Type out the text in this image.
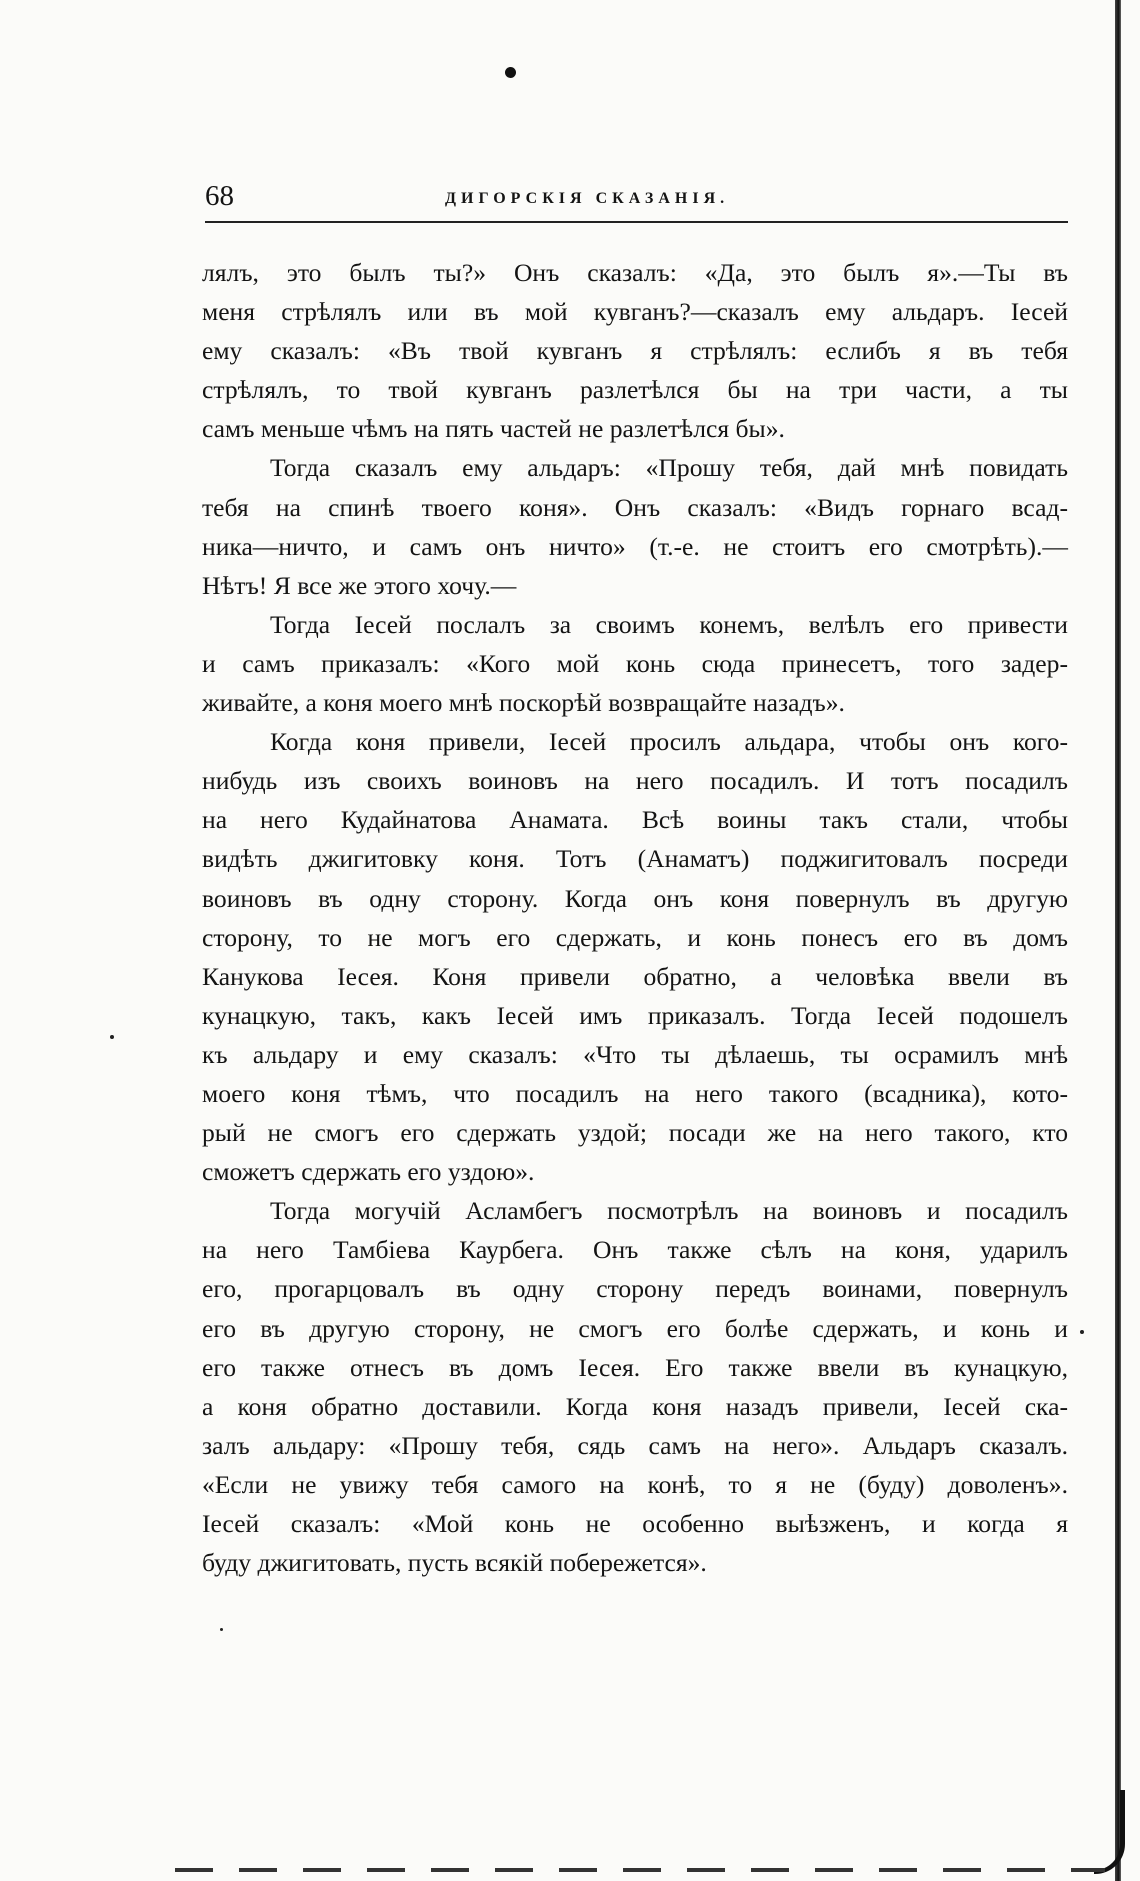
68	ДИГОРСКІЯ СКАЗАНІЯ.
лялъ, это былъ ты?» Онъ сказалъ: «Да, это былъ я».—Ты въ
меня стрѣлялъ или въ мой кувганъ?—сказалъ ему альдаръ. Іесей
ему сказалъ: «Въ твой кувганъ я стрѣлялъ: еслибъ я въ тебя
стрѣлялъ, то твой кувганъ разлетѣлся бы на три части, а ты
самъ меньше чѣмъ на пять частей не разлетѣлся бы».
Тогда сказалъ ему альдаръ: «Прошу тебя, дай мнѣ повидать
тебя на спинѣ твоего коня». Онъ сказалъ: «Видъ горнаго всад-
ника—ничто, и самъ онъ ничто» (т.-е. не стоитъ его смотрѣть).—
Нѣтъ! Я все же этого хочу.—
Тогда Іесей послалъ за своимъ конемъ, велѣлъ его привести
и самъ приказалъ: «Кого мой конь сюда принесетъ, того задер-
живайте, а коня моего мнѣ поскорѣй возвращайте назадъ».
Когда коня привели, Іесей просилъ альдара, чтобы онъ кого-
нибудь изъ своихъ воиновъ на него посадилъ. И тотъ посадилъ
на него Кудайнатова Анамата. Всѣ воины такъ стали, чтобы
видѣть джигитовку коня. Тотъ (Анаматъ) поджигитовалъ посреди
воиновъ въ одну сторону. Когда онъ коня повернулъ въ другую
сторону, то не могъ его сдержать, и конь понесъ его въ домъ
Канукова Іесея. Коня привели обратно, а человѣка ввели въ
кунацкую, такъ, какъ Іесей имъ приказалъ. Тогда Іесей подошелъ
къ альдару и ему сказалъ: «Что ты дѣлаешь, ты осрамилъ мнѣ
моего коня тѣмъ, что посадилъ на него такого (всадника), кото-
рый не смогъ его сдержать уздой; посади же на него такого, кто
сможетъ сдержать его уздою».
Тогда могучій Асламбегъ посмотрѣлъ на воиновъ и посадилъ
на него Тамбіева Каурбега. Онъ также сѣлъ на коня, ударилъ
его, прогарцовалъ въ одну сторону передъ воинами, повернулъ
его въ другую сторону, не смогъ его болѣе сдержать, и конь и
его также отнесъ въ домъ Іесея. Его также ввели въ кунацкую,
а коня обратно доставили. Когда коня назадъ привели, Іесей ска-
залъ альдару: «Прошу тебя, сядь самъ на него». Альдаръ сказалъ.
«Если не увижу тебя самого на конѣ, то я не (буду) доволенъ».
Іесей сказалъ: «Мой конь не особенно выѣзженъ, и когда я
буду джигитовать, пусть всякій побережется».
